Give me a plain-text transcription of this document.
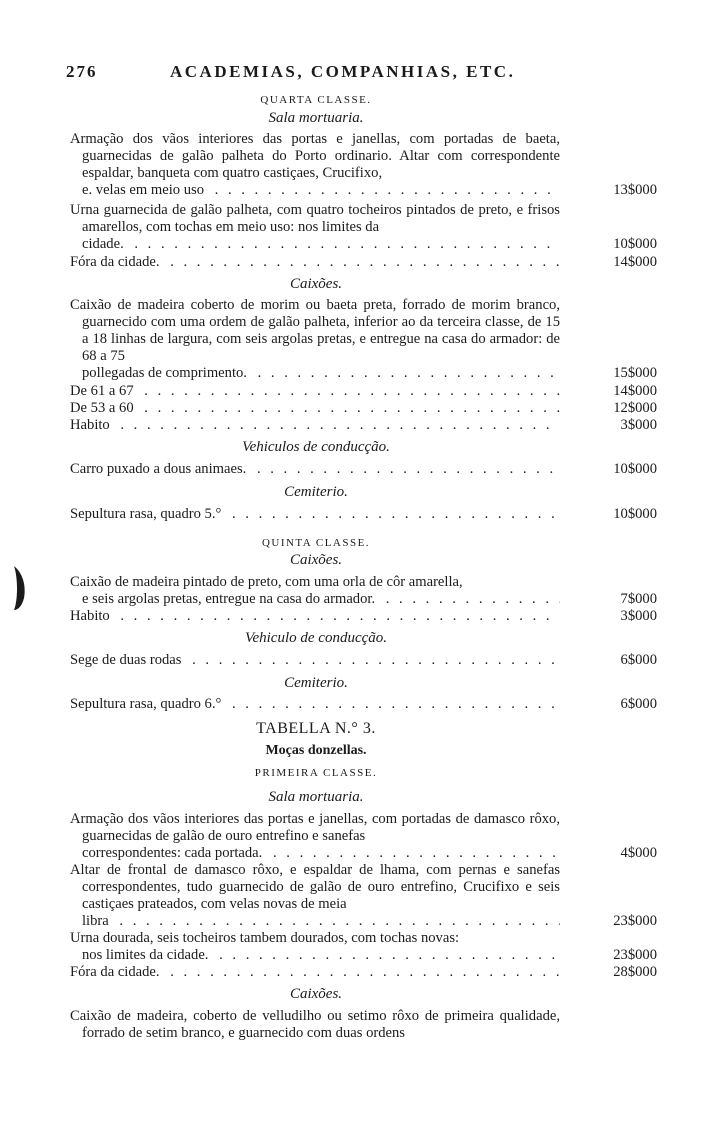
276	ACADEMIAS, COMPANHIAS, ETC.
QUARTA CLASSE.
Sala mortuaria.
Armação dos vãos interiores das portas e janellas, com portadas de baeta, guarnecidas de galão palheta do Porto ordinario. Altar com correspondente espaldar, banqueta com quatro castiçaes, Crucifixo,
e. velas em meio uso . . .	13$000
Urna guarnecida de galão palheta, com quatro tocheiros pintados de preto, e frisos amarellos, com tochas em meio uso: nos limites da
cidade. . . .	10$000
Fóra da cidade. . . .	14$000
Caixões.
Caixão de madeira coberto de morim ou baeta preta, forrado de morim branco, guarnecido com uma ordem de galão palheta, inferior ao da terceira classe, de 15 a 18 linhas de largura, com seis argolas pretas, e entregue na casa do armador: de 68 a 75
pollegadas de comprimento. . . .	15$000
De 61 a 67 . . .	14$000
De 53 a 60 . . .	12$000
Habito . . .	3$000
Vehiculos de conducção.
Carro puxado a dous animaes. . . .	10$000
Cemiterio.
Sepultura rasa, quadro 5.° . . .	10$000
QUINTA CLASSE.
Caixões.
Caixão de madeira pintado de preto, com uma orla de côr amarella,
e seis argolas pretas, entregue na casa do armador. . . .	7$000
Habito . . .	3$000
Vehiculo de conducção.
Sege de duas rodas . . .	6$000
Cemiterio.
Sepultura rasa, quadro 6.° . . .	6$000
TABELLA N.° 3.
Moças donzellas.
PRIMEIRA CLASSE.
Sala mortuaria.
Armação dos vãos interiores das portas e janellas, com portadas de damasco rôxo, guarnecidas de galão de ouro entrefino e sanefas
correspondentes: cada portada. . . .	4$000
Altar de frontal de damasco rôxo, e espaldar de lhama, com pernas e sanefas correspondentes, tudo guarnecido de galão de ouro entrefino, Crucifixo e seis castiçaes prateados, com velas novas de meia
libra . . .	23$000
Urna dourada, seis tocheiros tambem dourados, com tochas novas:
nos limites da cidade. . . .	23$000
Fóra da cidade. . . .	28$000
Caixões.
Caixão de madeira, coberto de velludilho ou setimo rôxo de primeira qualidade, forrado de setim branco, e guarnecido com duas ordens
